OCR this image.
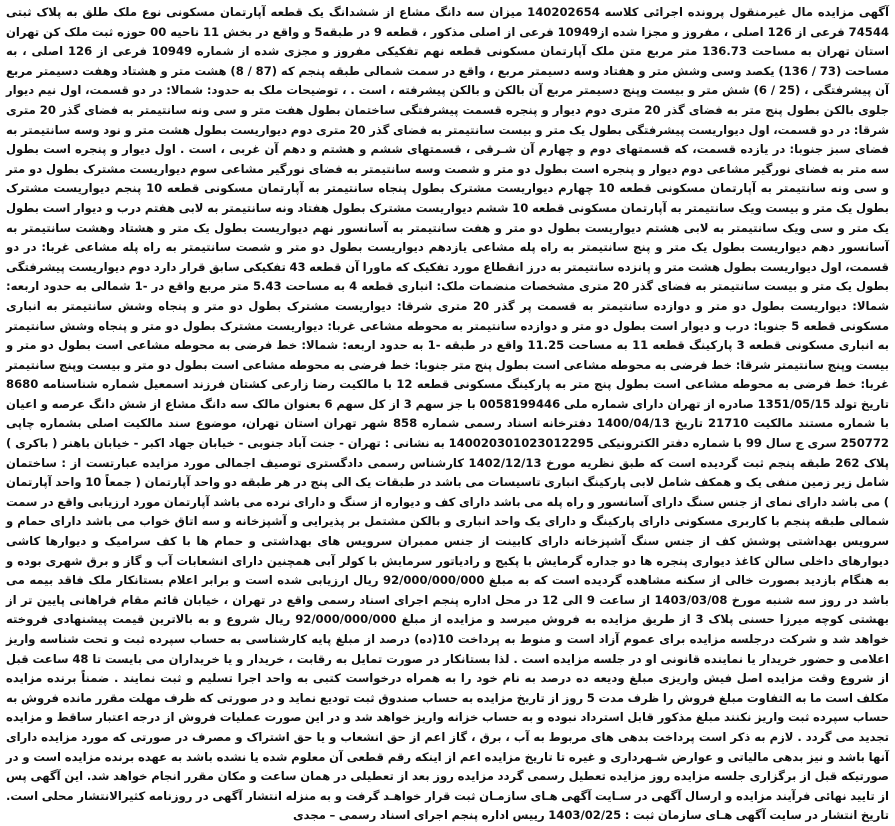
آگهی مزایده مال غیرمنقول پرونده اجرائی کلاسه 140202654 میزان سه دانگ مشاع از ششدانگ یک قطعه آپارتمان مسکونی نوع ملک طلق به پلاک ثبتی 74544 فرعی از 126 اصلی ، مفروز و مجزا شده از10949 فرعی از اصلی مذکور ، قطعه 9 در طبقه5 و واقع در بخش 11 ناحیه 00 حوزه ثبت ملک کن تهران استان تهران به مساحت 136.73 متر مربع متن ملک آپارتمان مسکونی قطعه نهم تفکیکی مفروز و مجزی شده از شماره 10949 فرعی از 126 اصلی ، به مساحت (73 / 136) یکصد وسی وشش متر و هفتاد وسه دسیمتر مربع ، واقع در سمت شمالی طبقه پنجم که (87 / 8) هشت متر و هشتاد وهفت دسیمتر مربع آن پیشرفتگی ، (25 / 6) شش متر و بیست وپنج دسیمتر مربع آن بالکن و بالکن پیشرفته ، است . ، توضیحات ملک به حدود: شمالا: در دو قسمت، اول نیم دیوار جلوی بالکن بطول پنج متر به فضای گذر 20 متری دوم دیوار و پنجره قسمت پیشرفتگی ساختمان بطول هفت متر و سی ونه سانتیمتر به فضای گذر 20 متری شرقا: در دو قسمت، اول دیواریست پیشرفتگی بطول یک متر و بیست سانتیمتر به فضای گذر 20 متری دوم دیواریست بطول هشت متر و نود وسه سانتیمتر به فضای سبز جنوبا: در یازده قسمت، که قسمتهای دوم و چهارم آن شـرقی ، قسمتهای ششم و هشتم و دهم آن غربی ، است . اول دیوار و پنجره است بطول سه متر به فضای نورگیر مشاعی دوم دیوار و پنجره است بطول دو متر و شصت وسه سانتیمتر به فضای نورگیر مشاعی سوم دیواریست مشترک بطول دو متر و سی ونه سانتیمتر به آپارتمان مسکونی قطعه 10 چهارم دیواریست مشترک بطول پنجاه سانتیمتر به آپارتمان مسکونی قطعه 10 پنجم دیواریست مشترک بطول یک متر و بیست ویک سانتیمتر به آپارتمان مسکونی قطعه 10 ششم دیواریست مشترک بطول هفتاد ونه سانتیمتر به لابی هفتم درب و دیوار است بطول یک متر و سی ویک سانتیمتر به لابی هشتم دیواریست بطول دو متر و هفت سانتیمتر به آسانسور نهم دیواریست بطول یک متر و هشتاد وهشت سانتیمتر به آسانسور دهم دیواریست بطول یک متر و پنج سانتیمتر به راه پله مشاعی یازدهم دیواریست بطول دو متر و شصت سانتیمتر به راه پله مشاعی غربا: در دو قسمت، اول دیواریست بطول هشت متر و پانزده سانتیمتر به درز انقطاع مورد تفکیک که ماورا آن قطعه 43 تفکیکی سابق قرار دارد دوم دیواریست پیشرفتگی بطول یک متر و بیست سانتیمتر به فضای گذر 20 متری مشخصات منضمات ملک: انباری قطعه 4 به مساحت 5.43 متر مربع واقع در -1 شمالی به حدود اربعه: شمالا: دیواریست بطول دو متر و دوازده سانتیمتر به قسمت پر گذر 20 متری شرقا: دیواریست مشترک بطول دو متر و پنجاه وشش سانتیمتر به انباری مسکونی قطعه 5 جنوبا: درب و دیوار است بطول دو متر و دوازده سانتیمتر به محوطه مشاعی غربا: دیواریست مشترک بطول دو متر و پنجاه وشش سانتیمتر به انباری مسکونی قطعه 3 پارکینگ قطعه 11 به مساحت 11.25 واقع در طبقه -1 به حدود اربعه: شمالا: خط فرضی به محوطه مشاعی است بطول دو متر و بیست وپنج سانتیمتر شرقا: خط فرضی به محوطه مشاعی است بطول پنج متر جنوبا: خط فرضی به محوطه مشاعی است بطول دو متر و بیست وپنج سانتیمتر غربا: خط فرضی به محوطه مشاعی است بطول پنج متر به پارکینگ مسکونی قطعه 12 با مالکیت رضا زارعی کشتان فرزند اسمعیل شماره شناسنامه 8680 تاریخ تولد 1351/05/15 صادره از تهران دارای شماره ملی 0058199446 با جز سهم 3 از کل سهم 6 بعنوان مالک سه دانگ مشاع از شش دانگ عرصه و اعیان با شماره مستند مالکیت 21710 تاریخ 1400/04/13 دفترخانه اسناد رسمی شماره 858 شهر تهران استان تهران، موضوع سند مالکیت اصلی بشماره چاپی 250772 سری ج سال 99 با شماره دفتر الکترونیکی 140020301023012295 به نشانی : تهران - جنت آباد جنوبی - خیابان جهاد اکبر - خیابان باهنر ( باکری ) پلاک 262 طبقه پنجم ثبت گردیده است که طبق نظریه مورخ 1402/12/13 کارشناس رسمی دادگستری توصیف اجمالی مورد مزایده عبارتست از : ساختمان شامل زیر زمین منفی یک و همکف شامل لابی پارکینگ انباری تاسیسات می باشد در طبقات یک الی پنج در هر طبقه دو واحد آپارتمان ( جمعاً 10 واحد آپارتمان ) می باشد دارای نمای از جنس سنگ دارای آسانسور و راه پله می باشد دارای کف و دیواره از سنگ و دارای نرده می باشد آپارتمان مورد ارزیابی واقع در سمت شمالی طبقه پنجم با کاربری مسکونی دارای پارکینگ و دارای یک واحد انباری و بالکن مشتمل بر پذیرایی و آشپزخانه و سه اتاق خواب می باشد دارای حمام و سرویس بهداشتی پوشش کف از جنس سنگ آشپزخانه دارای کابینت از جنس ممبران سرویس های بهداشتی و حمام ها با کف سرامیک و دیوارها کاشی دیوارهای داخلی سالن کاغذ دیواری پنجره ها دو جداره گرمایش با پکیج و رادیاتور سرمایش با کولر آبی همچنین دارای انشعابات آب و گاز و برق شهری بوده و به هنگام بازدید بصورت خالی از سکنه مشاهده گردیده است که به مبلغ 92/000/000/000 ریال ارزیابی شده است و برابر اعلام بستانکار ملک فاقد بیمه می باشد در روز سه شنبه مورخ 1403/03/08 از ساعت 9 الی 12 در محل اداره پنجم اجرای اسناد رسمی واقع در تهران ، خیابان قائم مقام فراهانی پایین تر از بهشتی کوچه میرزا حسنی پلاک 3 از طریق مزایده به فروش میرسد و مزایده از مبلغ 92/000/000/000 ریال شروع و به بالاترین قیمت پیشنهادی فروخته خواهد شد و شرکت درجلسه مزایده برای عموم آزاد است و منوط به پرداخت 10(ده) درصد از مبلغ پایه کارشناسی به حساب سپرده ثبت و تحت شناسه واریز اعلامی و حضور خریدار یا نماینده قانونی او در جلسه مزایده است . لذا بستانکار در صورت تمایل به رقابت ، خریدار و یا خریداران می بایست تا 48 ساعت قبل از شروع وقت مزایده اصل فیش واریزی مبلغ ودیعه ده درصد به نام خود را به همراه درخواست کتبی به واحد اجرا تسلیم و ثبت نمایند . ضمناً برنده مزایده مکلف است ما به التفاوت مبلغ فروش را ظرف مدت 5 روز از تاریخ مزایده به حساب صندوق ثبت تودیع نماید و در صورتی که ظرف مهلت مقرر مانده فروش به حساب سپرده ثبت واریز نکنند مبلغ مذکور قابل استرداد نبوده و به حساب خزانه واریز خواهد شد و در این صورت عملیات فروش از درجه اعتبار ساقط و مزایده تجدید می گردد . لازم به ذکر است پرداخت بدهی های مربوط به آب ، برق ، گاز اعم از حق انشعاب و یا حق اشتراک و مصرف در صورتی که مورد مزایده دارای آنها باشد و نیز بدهی مالیاتی و عوارض شـهرداری و غیره تا تاریخ مزایده اعم از اینکه رقم قطعی آن معلوم شده یا نشده باشد به عهده برنده مزایده است و در صورتیکه قبل از برگزاری جلسه مزایده روز مزایده تعطیل رسمی گردد مزایده روز بعد از تعطیلی در همان ساعت و مکان مقرر انجام خواهد شد. این آگهی پس از تایید نهائی فرآیند مزایده و ارسال آگهی در سـایت آگهی هـای سازمـان ثبت قرار خواهـد گرفت و به منزله انتشار آگهی در روزنامه کثیرالانتشار محلی است. تاریخ انتشار در سایت آگهی هـای سازمان ثبت : 1403/02/25 رییس اداره پنجم اجرای اسناد رسمی – مجدی
